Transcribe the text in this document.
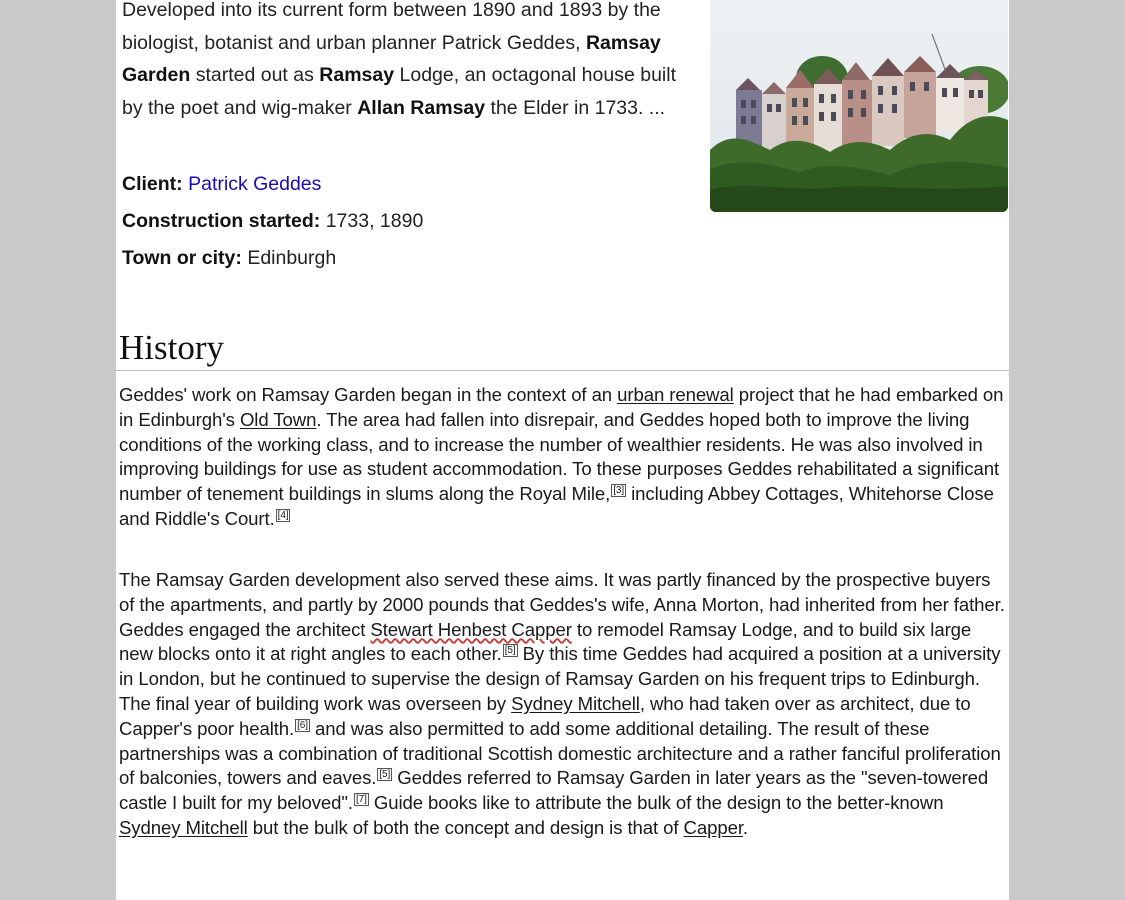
Developed into its current form between 1890 and 1893 by the biologist, botanist and urban planner Patrick Geddes, Ramsay Garden started out as Ramsay Lodge, an octagonal house built by the poet and wig-maker Allan Ramsay the Elder in 1733. ...

Client: Patrick Geddes
Construction started: 1733, 1890
Town or city: Edinburgh
History

Geddes' work on Ramsay Garden began in the context of an urban renewal project that he had embarked on in Edinburgh's Old Town. The area had fallen into disrepair, and Geddes hoped both to improve the living conditions of the working class, and to increase the number of wealthier residents. He was also involved in improving buildings for use as student accommodation. To these purposes Geddes rehabilitated a significant number of tenement buildings in slums along the Royal Mile, [3] including Abbey Cottages, Whitehorse Close and Riddle's Court. [4]

The Ramsay Garden development also served these aims. It was partly financed by the prospective buyers of the apartments, and partly by 2000 pounds that Geddes's wife, Anna Morton, had inherited from her father. Geddes engaged the architect Stewart Henbest Capper to remodel Ramsay Lodge, and to build six large new blocks onto it at right angles to each other. [5] By this time Geddes had acquired a position at a university in London, but he continued to supervise the design of Ramsay Garden on his frequent trips to Edinburgh. The final year of building work was overseen by Sydney Mitchell, who had taken over as architect, due to Capper's poor health. [6] and was also permitted to add some additional detailing. The result of these partnerships was a combination of traditional Scottish domestic architecture and a rather fanciful proliferation of balconies, towers and eaves. [5] Geddes referred to Ramsay Garden in later years as the "seven-towered castle I built for my beloved". [7] Guide books like to attribute the bulk of the design to the better-known Sydney Mitchell but the bulk of both the concept and design is that of Capper.
